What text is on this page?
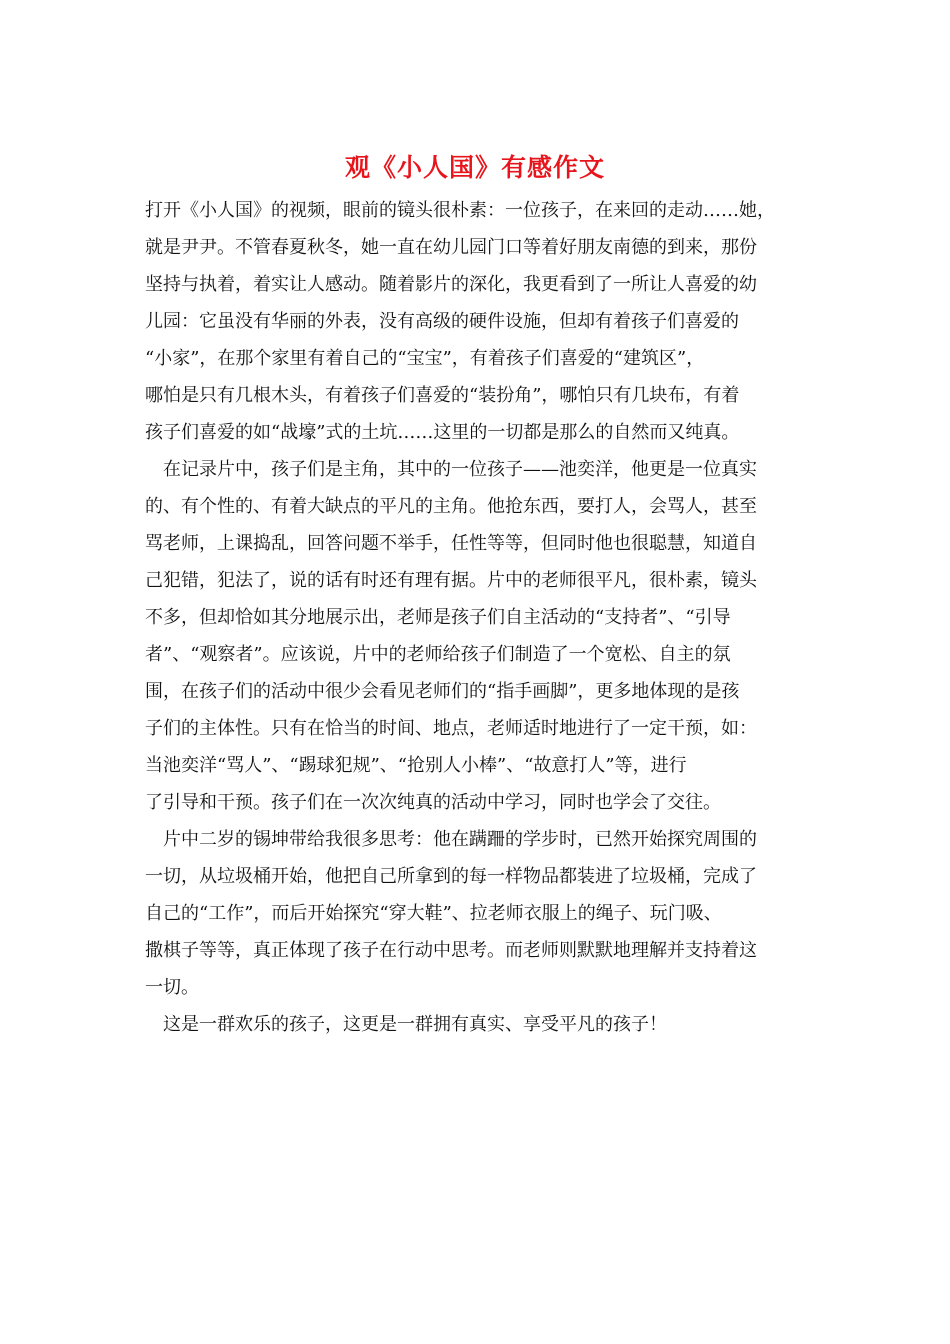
观《小人国》有感作文
打开《小人国》的视频，眼前的镜头很朴素：一位孩子，在来回的走动……她，
就是尹尹。不管春夏秋冬，她一直在幼儿园门口等着好朋友南德的到来，那份
坚持与执着，着实让人感动。随着影片的深化，我更看到了一所让人喜爱的幼
儿园：它虽没有华丽的外表，没有高级的硬件设施，但却有着孩子们喜爱的
“小家”，在那个家里有着自己的“宝宝”，有着孩子们喜爱的“建筑区”，
哪怕是只有几根木头，有着孩子们喜爱的“装扮角”，哪怕只有几块布，有着
孩子们喜爱的如“战壕”式的土坑……这里的一切都是那么的自然而又纯真。
在记录片中，孩子们是主角，其中的一位孩子——池奕洋，他更是一位真实
的、有个性的、有着大缺点的平凡的主角。他抢东西，要打人，会骂人，甚至
骂老师，上课捣乱，回答问题不举手，任性等等，但同时他也很聪慧，知道自
己犯错，犯法了，说的话有时还有理有据。片中的老师很平凡，很朴素，镜头
不多，但却恰如其分地展示出，老师是孩子们自主活动的“支持者”、“引导
者”、“观察者”。应该说，片中的老师给孩子们制造了一个宽松、自主的氛
围，在孩子们的活动中很少会看见老师们的“指手画脚”，更多地体现的是孩
子们的主体性。只有在恰当的时间、地点，老师适时地进行了一定干预，如：
当池奕洋“骂人”、“踢球犯规”、“抢别人小棒”、“故意打人”等，进行
了引导和干预。孩子们在一次次纯真的活动中学习，同时也学会了交往。
片中二岁的锡坤带给我很多思考：他在蹒跚的学步时，已然开始探究周围的
一切，从垃圾桶开始，他把自己所拿到的每一样物品都装进了垃圾桶，完成了
自己的“工作”，而后开始探究“穿大鞋”、拉老师衣服上的绳子、玩门吸、
撒棋子等等，真正体现了孩子在行动中思考。而老师则默默地理解并支持着这
一切。
这是一群欢乐的孩子，这更是一群拥有真实、享受平凡的孩子！
